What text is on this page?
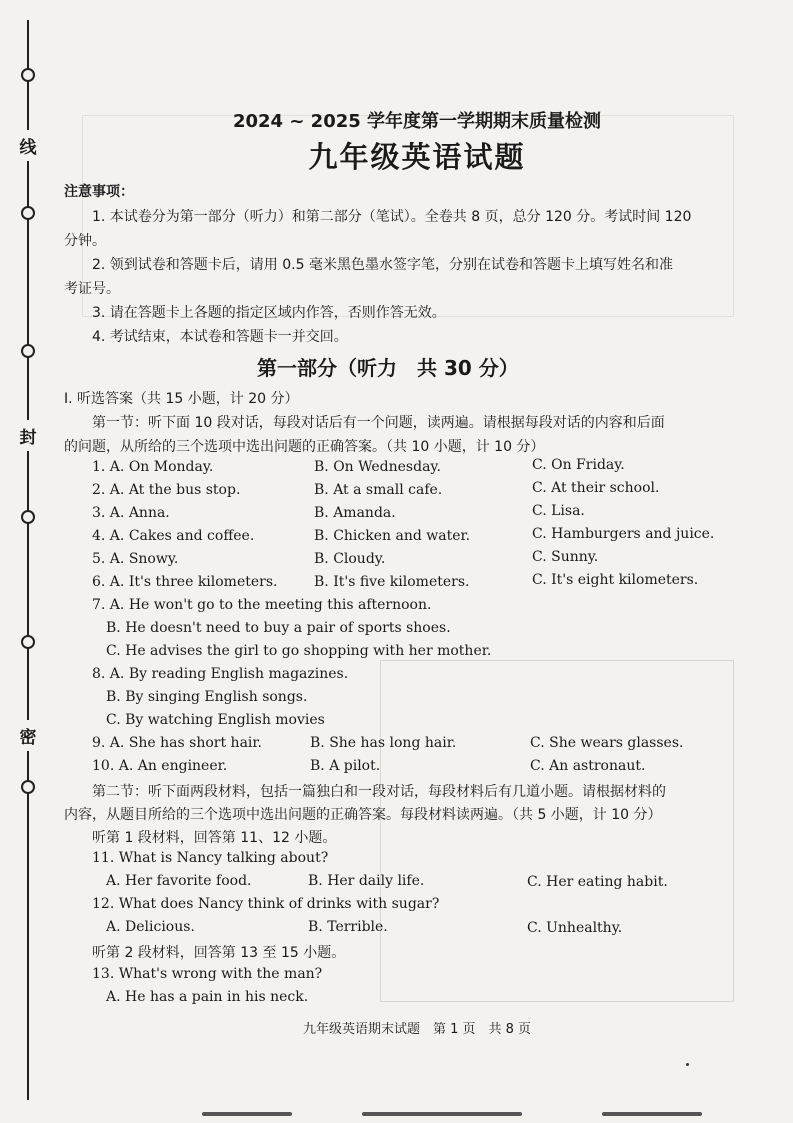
线
封
密
2024 ~ 2025 学年度第一学期期末质量检测
九年级英语试题
注意事项：
1. 本试卷分为第一部分（听力）和第二部分（笔试）。全卷共 8 页，总分 120 分。考试时间 120
分钟。
2. 领到试卷和答题卡后，请用 0.5 毫米黑色墨水签字笔，分别在试卷和答题卡上填写姓名和准
考证号。
3. 请在答题卡上各题的指定区域内作答，否则作答无效。
4. 考试结束，本试卷和答题卡一并交回。
第一部分（听力　共 30 分）
Ⅰ. 听选答案（共 15 小题，计 20 分）
第一节：听下面 10 段对话，每段对话后有一个问题，读两遍。请根据每段对话的内容和后面
的问题，从所给的三个选项中选出问题的正确答案。（共 10 小题，计 10 分）
1. A. On Monday.	B. On Wednesday.	C. On Friday.
2. A. At the bus stop.	B. At a small cafe.	C. At their school.
3. A. Anna.	B. Amanda.	C. Lisa.
4. A. Cakes and coffee.	B. Chicken and water.	C. Hamburgers and juice.
5. A. Snowy.	B. Cloudy.	C. Sunny.
6. A. It's three kilometers.	B. It's five kilometers.	C. It's eight kilometers.
7. A. He won't go to the meeting this afternoon.
B. He doesn't need to buy a pair of sports shoes.
C. He advises the girl to go shopping with her mother.
8. A. By reading English magazines.
B. By singing English songs.
C. By watching English movies
9. A. She has short hair.	B. She has long hair.	C. She wears glasses.
10. A. An engineer.	B. A pilot.	C. An astronaut.
第二节：听下面两段材料，包括一篇独白和一段对话，每段材料后有几道小题。请根据材料的
内容，从题目所给的三个选项中选出问题的正确答案。每段材料读两遍。（共 5 小题，计 10 分）
听第 1 段材料，回答第 11、12 小题。
11. What is Nancy talking about?
A. Her favorite food.	B. Her daily life.	C. Her eating habit.
12. What does Nancy think of drinks with sugar?
A. Delicious.	B. Terrible.	C. Unhealthy.
听第 2 段材料，回答第 13 至 15 小题。
13. What's wrong with the man?
A. He has a pain in his neck.
九年级英语期末试题　第 1 页　共 8 页
